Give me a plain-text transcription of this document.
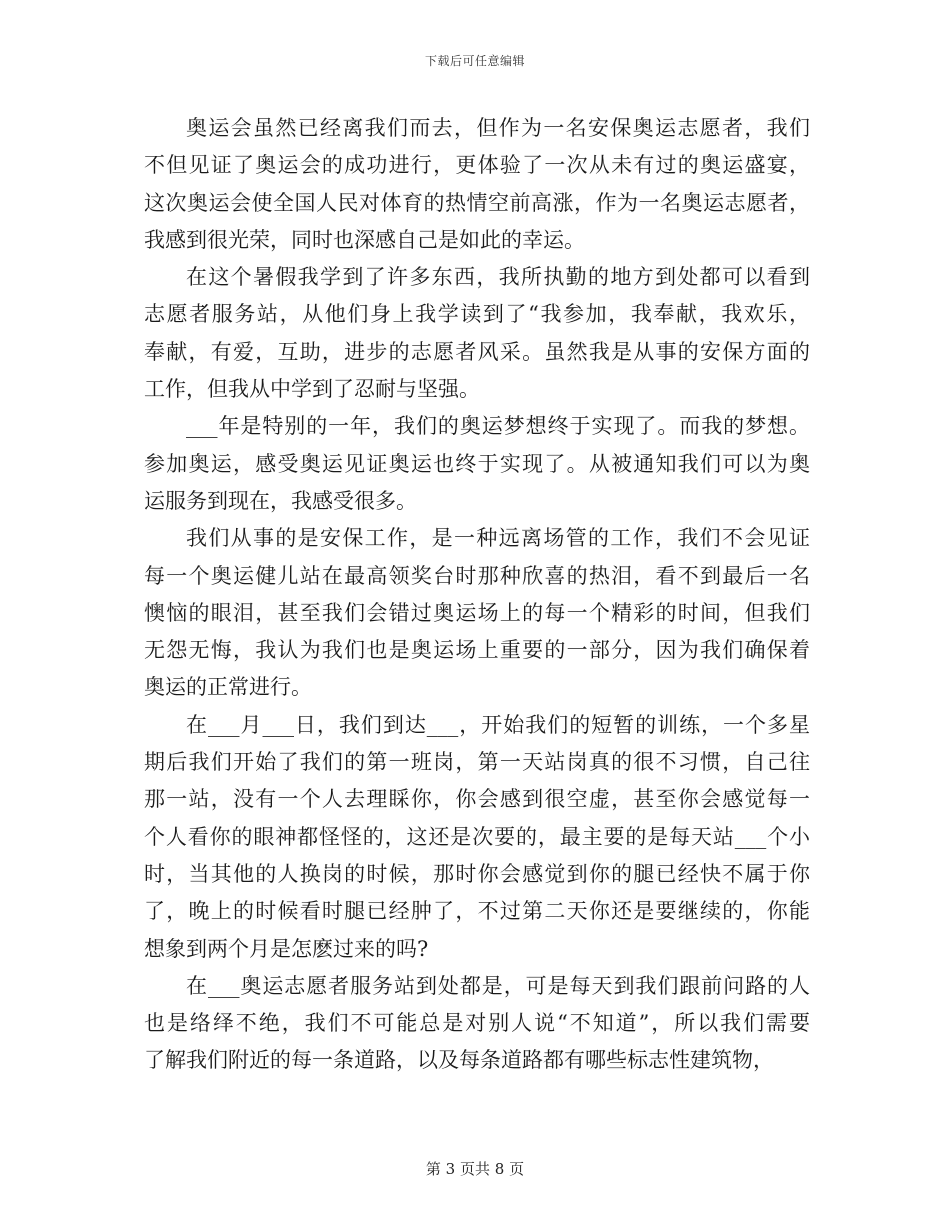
下载后可任意编辑
奥运会虽然已经离我们而去，但作为一名安保奥运志愿者，我们
不但见证了奥运会的成功进行，更体验了一次从未有过的奥运盛宴，
这次奥运会使全国人民对体育的热情空前高涨，作为一名奥运志愿者，
我感到很光荣，同时也深感自己是如此的幸运。
在这个暑假我学到了许多东西，我所执勤的地方到处都可以看到
志愿者服务站，从他们身上我学读到了“我参加，我奉献，我欢乐，
奉献，有爱，互助，进步的志愿者风采。虽然我是从事的安保方面的
工作，但我从中学到了忍耐与坚强。
___年是特别的一年，我们的奥运梦想终于实现了。而我的梦想。
参加奥运，感受奥运见证奥运也终于实现了。从被通知我们可以为奥
运服务到现在，我感受很多。
我们从事的是安保工作，是一种远离场管的工作，我们不会见证
每一个奥运健儿站在最高领奖台时那种欣喜的热泪，看不到最后一名
懊恼的眼泪，甚至我们会错过奥运场上的每一个精彩的时间，但我们
无怨无悔，我认为我们也是奥运场上重要的一部分，因为我们确保着
奥运的正常进行。
在___月___日，我们到达___，开始我们的短暂的训练，一个多星
期后我们开始了我们的第一班岗，第一天站岗真的很不习惯，自己往
那一站，没有一个人去理睬你，你会感到很空虚，甚至你会感觉每一
个人看你的眼神都怪怪的，这还是次要的，最主要的是每天站___个小
时，当其他的人换岗的时候，那时你会感觉到你的腿已经快不属于你
了，晚上的时候看时腿已经肿了，不过第二天你还是要继续的，你能
想象到两个月是怎麽过来的吗?
在___奥运志愿者服务站到处都是，可是每天到我们跟前问路的人
也是络绎不绝，我们不可能总是对别人说“不知道”，所以我们需要
了解我们附近的每一条道路，以及每条道路都有哪些标志性建筑物，
第 3 页共 8 页
